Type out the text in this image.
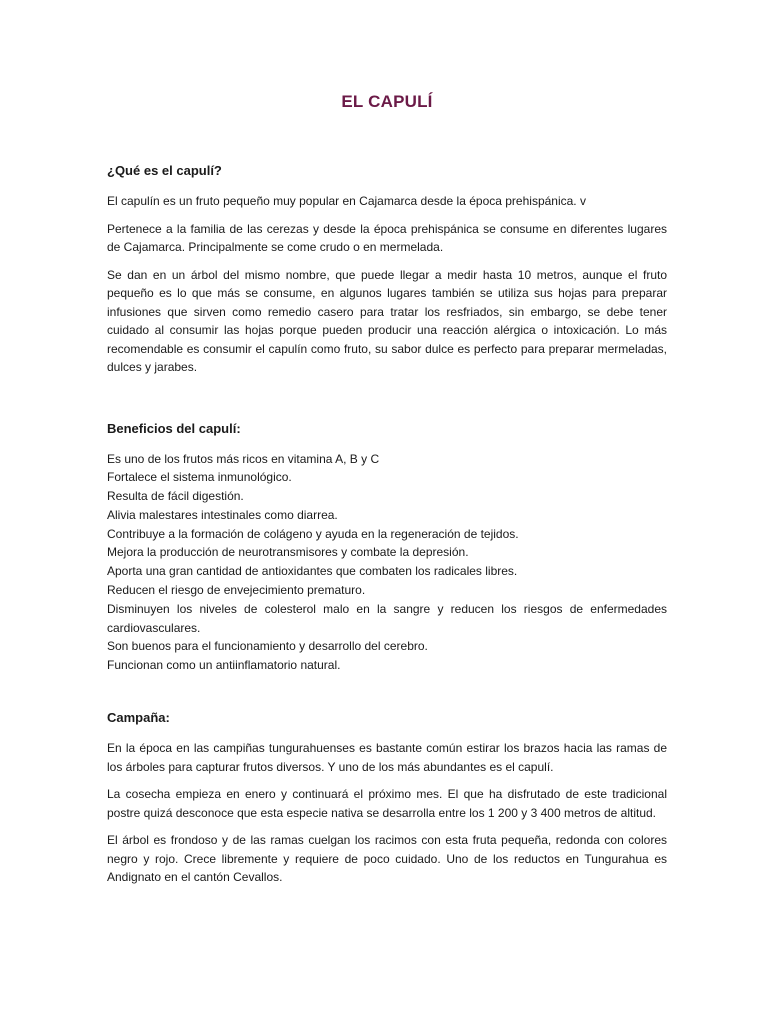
EL CAPULÍ
¿Qué es el capulí?

El capulín es un fruto pequeño muy popular en Cajamarca desde la época prehispánica. v

Pertenece a la familia de las cerezas y desde la época prehispánica se consume en diferentes lugares de Cajamarca. Principalmente se come crudo o en mermelada.

Se dan en un árbol del mismo nombre, que puede llegar a medir hasta 10 metros, aunque el fruto pequeño es lo que más se consume, en algunos lugares también se utiliza sus hojas para preparar infusiones que sirven como remedio casero para tratar los resfriados, sin embargo, se debe tener cuidado al consumir las hojas porque pueden producir una reacción alérgica o intoxicación. Lo más recomendable es consumir el capulín como fruto, su sabor dulce es perfecto para preparar mermeladas, dulces y jarabes.

Beneficios del capulí:
Es uno de los frutos más ricos en vitamina A, B y C
Fortalece el sistema inmunológico.
Resulta de fácil digestión.
Alivia malestares intestinales como diarrea.
Contribuye a la formación de colágeno y ayuda en la regeneración de tejidos.
Mejora la producción de neurotransmisores y combate la depresión.
Aporta una gran cantidad de antioxidantes que combaten los radicales libres.
Reducen el riesgo de envejecimiento prematuro.
Disminuyen los niveles de colesterol malo en la sangre y reducen los riesgos de enfermedades cardiovasculares.
Son buenos para el funcionamiento y desarrollo del cerebro.
Funcionan como un antiinflamatorio natural.
Campaña:

En la época en las campiñas tungurahuenses es bastante común estirar los brazos hacia las ramas de los árboles para capturar frutos diversos. Y uno de los más abundantes es el capulí.

La cosecha empieza en enero y continuará el próximo mes. El que ha disfrutado de este tradicional postre quizá desconoce que esta especie nativa se desarrolla entre los 1 200 y 3 400 metros de altitud.

El árbol es frondoso y de las ramas cuelgan los racimos con esta fruta pequeña, redonda con colores negro y rojo. Crece libremente y requiere de poco cuidado. Uno de los reductos en Tungurahua es Andignato en el cantón Cevallos.
